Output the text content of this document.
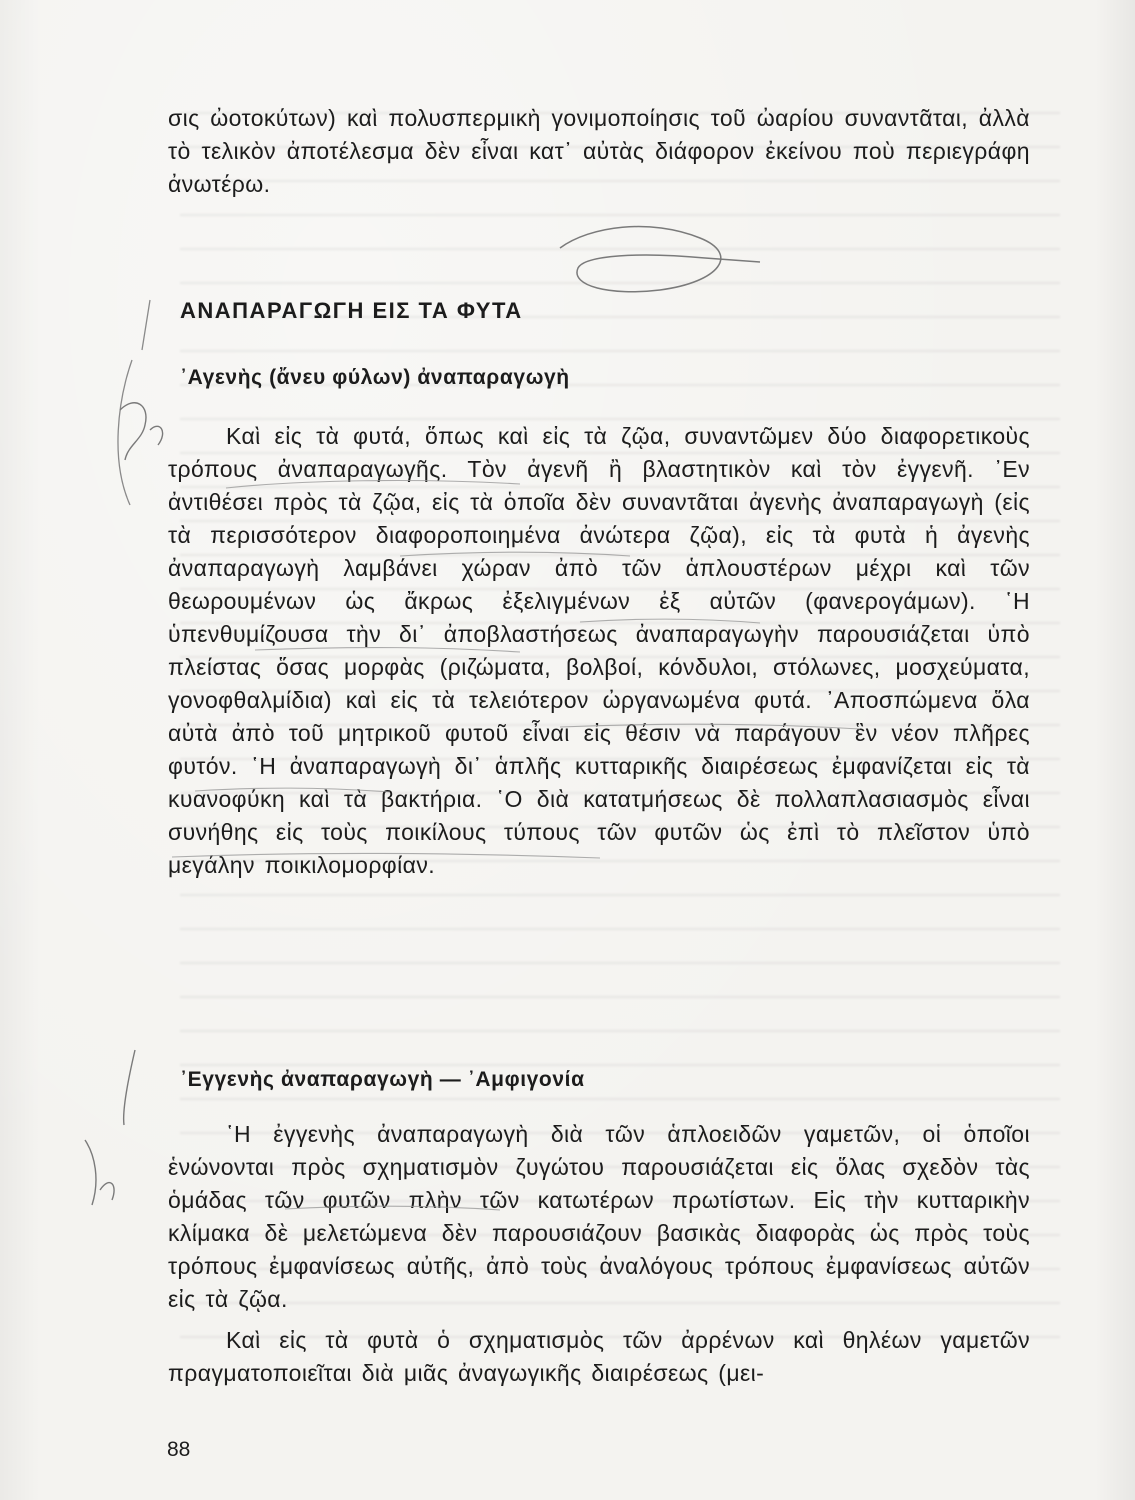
σις ὠοτοκύτων) καὶ πολυσπερμικὴ γονιμοποίησις τοῦ ὠαρίου συναντᾶται, ἀλλὰ τὸ τελικὸν ἀποτέλεσμα δὲν εἶναι κατ᾽ αὐτὰς διάφορον ἐκείνου ποὺ περιεγράφη ἀνωτέρω.

ΑΝΑΠΑΡΑΓΩΓΗ ΕΙΣ ΤΑ ΦΥΤΑ
᾽Αγενὴς (ἄνευ φύλων) ἀναπαραγωγὴ

Καὶ εἰς τὰ φυτά, ὅπως καὶ εἰς τὰ ζῷα, συναντῶμεν δύο διαφορετικοὺς τρόπους ἀναπαραγωγῆς. Τὸν ἀγενῆ ἢ βλαστητικὸν καὶ τὸν ἐγγενῆ. ᾽Εν ἀντιθέσει πρὸς τὰ ζῷα, εἰς τὰ ὁποῖα δὲν συναντᾶται ἀγενὴς ἀναπαραγωγὴ (εἰς τὰ περισσότερον διαφοροποιημένα ἀνώτερα ζῷα), εἰς τὰ φυτὰ ἡ ἀγενὴς ἀναπαραγωγὴ λαμβάνει χώραν ἀπὸ τῶν ἁπλουστέρων μέχρι καὶ τῶν θεωρουμένων ὡς ἄκρως ἐξελιγμένων ἐξ αὐτῶν (φανερογάμων). ῾Η ὑπενθυμίζουσα τὴν δι᾽ ἀποβλαστήσεως ἀναπαραγωγὴν παρουσιάζεται ὑπὸ πλείστας ὅσας μορφὰς (ριζώματα, βολβοί, κόνδυλοι, στόλωνες, μοσχεύματα, γονοφθαλμίδια) καὶ εἰς τὰ τελειότερον ὠργανωμένα φυτά. ᾽Αποσπώμενα ὅλα αὐτὰ ἀπὸ τοῦ μητρικοῦ φυτοῦ εἶναι εἰς θέσιν νὰ παράγουν ἓν νέον πλῆρες φυτόν. ῾Η ἀναπαραγωγὴ δι᾽ ἁπλῆς κυτταρικῆς διαιρέσεως ἐμφανίζεται εἰς τὰ κυανοφύκη καὶ τὰ βακτήρια. ῾Ο διὰ κατατμήσεως δὲ πολλαπλασιασμὸς εἶναι συνήθης εἰς τοὺς ποικίλους τύπους τῶν φυτῶν ὡς ἐπὶ τὸ πλεῖστον ὑπὸ μεγάλην ποικιλομορφίαν.

᾽Εγγενὴς ἀναπαραγωγὴ — ᾽Αμφιγονία

῾Η ἐγγενὴς ἀναπαραγωγὴ διὰ τῶν ἁπλοειδῶν γαμετῶν, οἱ ὁποῖοι ἑνώνονται πρὸς σχηματισμὸν ζυγώτου παρουσιάζεται εἰς ὅλας σχεδὸν τὰς ὁμάδας τῶν φυτῶν πλὴν τῶν κατωτέρων πρωτίστων. Εἰς τὴν κυτταρικὴν κλίμακα δὲ μελετώμενα δὲν παρουσιάζουν βασικὰς διαφορὰς ὡς πρὸς τοὺς τρόπους ἐμφανίσεως αὐτῆς, ἀπὸ τοὺς ἀναλόγους τρόπους ἐμφανίσεως αὐτῶν εἰς τὰ ζῷα.

Καὶ εἰς τὰ φυτὰ ὁ σχηματισμὸς τῶν ἀρρένων καὶ θηλέων γαμετῶν πραγματοποιεῖται διὰ μιᾶς ἀναγωγικῆς διαιρέσεως (μει-

88
